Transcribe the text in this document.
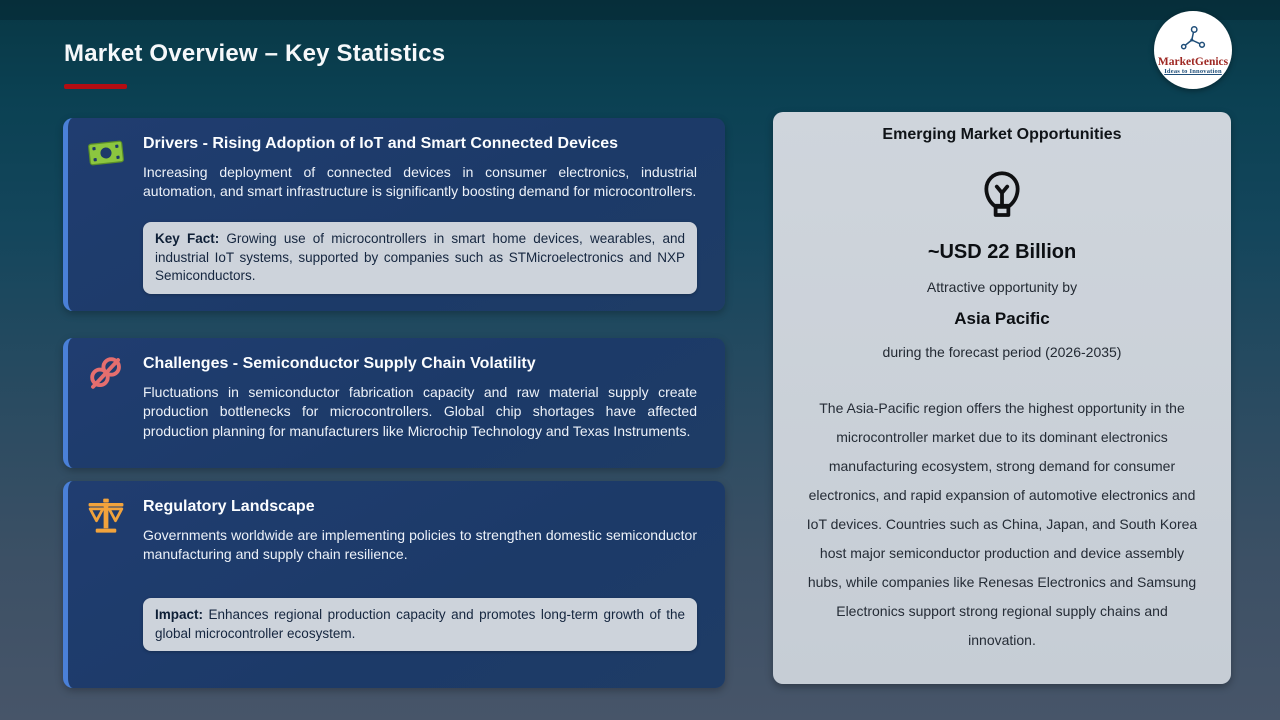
Market Overview – Key Statistics	MarketGenics
Ideas to Innovation
Drivers - Rising Adoption of IoT and Smart Connected Devices
Increasing deployment of connected devices in consumer electronics, industrial automation, and smart infrastructure is significantly boosting demand for microcontrollers.
Key Fact: Growing use of microcontrollers in smart home devices, wearables, and industrial IoT systems, supported by companies such as STMicroelectronics and NXP Semiconductors.
Challenges - Semiconductor Supply Chain Volatility
Fluctuations in semiconductor fabrication capacity and raw material supply create production bottlenecks for microcontrollers. Global chip shortages have affected production planning for manufacturers like Microchip Technology and Texas Instruments.
Regulatory Landscape
Governments worldwide are implementing policies to strengthen domestic semiconductor manufacturing and supply chain resilience.
Impact: Enhances regional production capacity and promotes long-term growth of the global microcontroller ecosystem.
Emerging Market Opportunities
~USD 22 Billion
Attractive opportunity by
Asia Pacific
during the forecast period (2026-2035)
The Asia-Pacific region offers the highest opportunity in the microcontroller market due to its dominant electronics manufacturing ecosystem, strong demand for consumer electronics, and rapid expansion of automotive electronics and IoT devices. Countries such as China, Japan, and South Korea host major semiconductor production and device assembly hubs, while companies like Renesas Electronics and Samsung Electronics support strong regional supply chains and innovation.
